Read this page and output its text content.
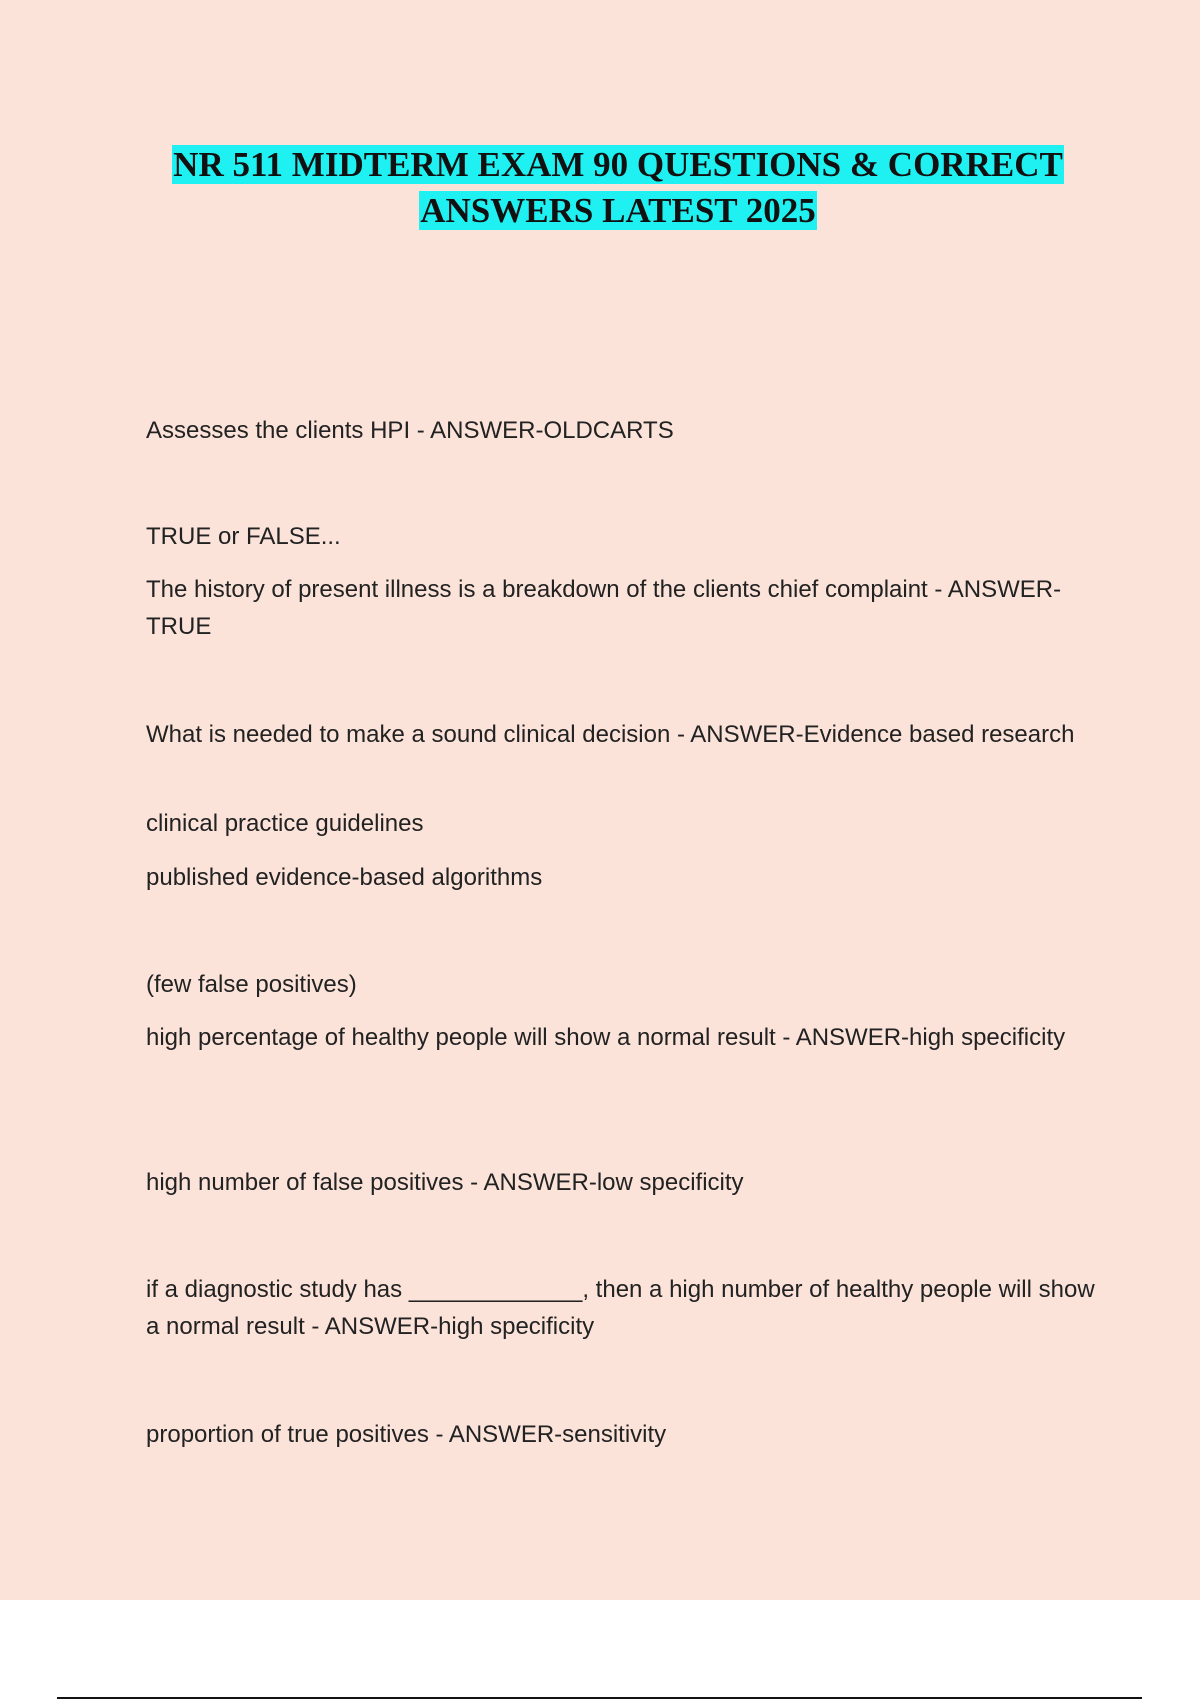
NR 511 MIDTERM EXAM 90 QUESTIONS & CORRECT
ANSWERS LATEST 2025

Assesses the clients HPI - ANSWER-OLDCARTS

TRUE or FALSE...

The history of present illness is a breakdown of the clients chief complaint - ANSWER-TRUE

What is needed to make a sound clinical decision - ANSWER-Evidence based research

clinical practice guidelines

published evidence-based algorithms

(few false positives)

high percentage of healthy people will show a normal result - ANSWER-high specificity

high number of false positives - ANSWER-low specificity

if a diagnostic study has _____________, then a high number of healthy people will show a normal result - ANSWER-high specificity

proportion of true positives - ANSWER-sensitivity
